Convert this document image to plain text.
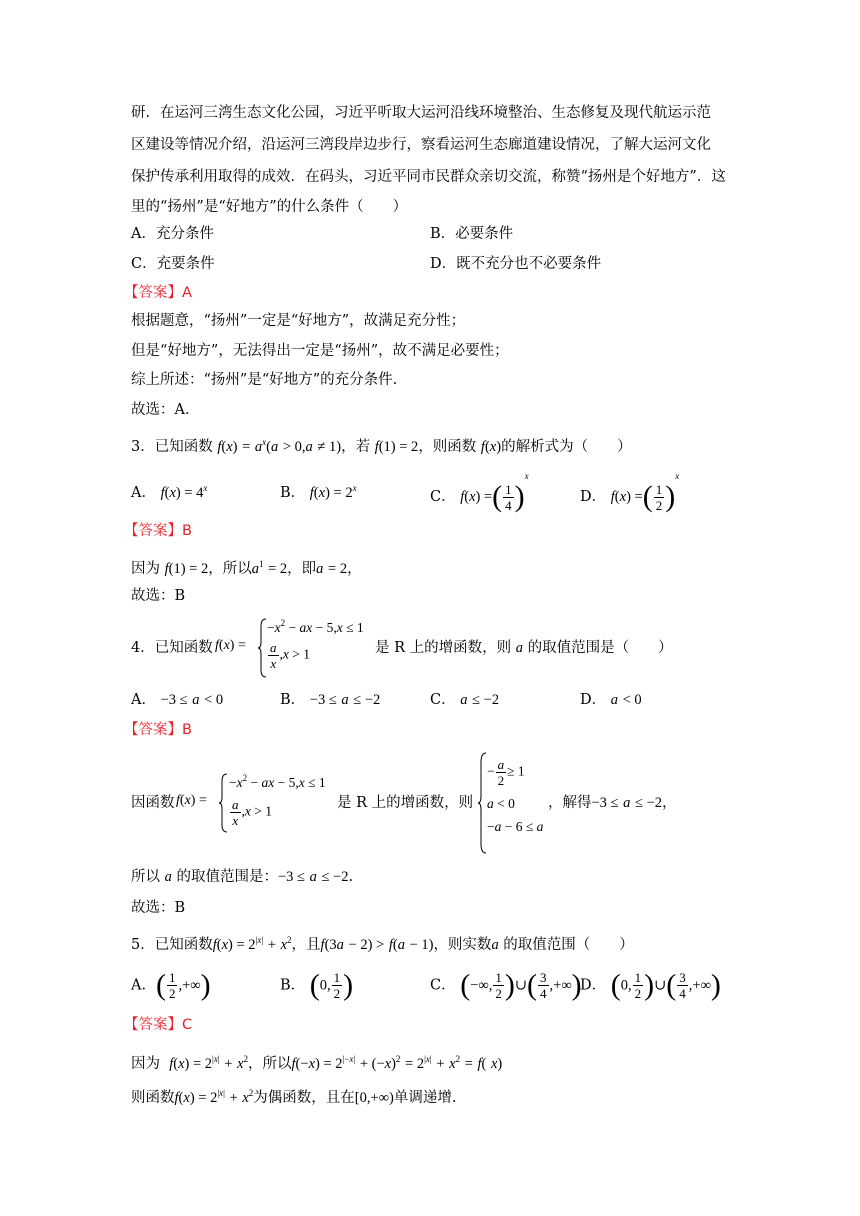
研．在运河三湾生态文化公园，习近平听取大运河沿线环境整治、生态修复及现代航运示范
区建设等情况介绍，沿运河三湾段岸边步行，察看运河生态廊道建设情况，了解大运河文化
保护传承利用取得的成效．在码头，习近平同市民群众亲切交流，称赞“扬州是个好地方”．这
里的“扬州”是“好地方”的什么条件（　　）
A．充分条件	B．必要条件
C．充要条件	D．既不充分也不必要条件
【答案】A
根据题意，“扬州”一定是“好地方”，故满足充分性；
但是“好地方”，无法得出一定是“扬州”，故不满足必要性；
综上所述：“扬州”是“好地方”的充分条件.
故选：A．
3．已知函数 $f(x) = a^x(a > 0,a \ne 1)$，若 f(1) = 2，则函数 f(x)的解析式为（　　）
A． $f(x) = 4^x$	B． $f(x) = 2^x$
C． f(x) =( $\frac{1}{4} )^x$
D． f(x) =( $\frac{1}{2} )^x$
【答案】B
因为 f(1) = 2，所以$a^1 = 2$，即a = 2，
故选：B
4．已知函数 f(x) =
$-x^2$ − ax − 5,x ≤ 1
$\frac{a}{x} ,x > 1$	是 R 上的增函数，则 a 的取值范围是（　　）
A． −3 ≤ a < 0	B． −3 ≤ a ≤ −2	C． a ≤ −2	D． a < 0
【答案】B
因函数 f(x) =
$-x^2$ − ax − 5,x ≤ 1
$\frac{a}{x} ,x > 1$
是 R 上的增函数，则
− $\frac{a}{2} \ge 1$
a < 0
−a − 6 ≤ a
，解得−3 ≤ a ≤ −2，
所以 a 的取值范围是：−3 ≤ a ≤ −2.
故选：B
5．已知函数$f(x) = 2^{|x|} + x^2$，且f(3a − 2) > f(a − 1)，则实数a 的取值范围（　　）
A．( $\frac{1}{2}$ ,+∞)	B． (0, $\frac{1}{2}$ )	C． (−∞, $\frac{1}{2}$ )∪( $\frac{3}{4}$ ,+∞)
D． (0, $\frac{1}{2}$ )∪( $\frac{3}{4}$ ,+∞)
【答案】C
因为 $f(x) = 2^{|x|} + x^2$，所以$f(-x) = 2^{|-x|} + (-x)^2 = 2^{|x|} + x^2 = f$( x)
则函数$f(x) = 2^{|x|} + x^2$为偶函数，且在[0,+∞)单调递增.
